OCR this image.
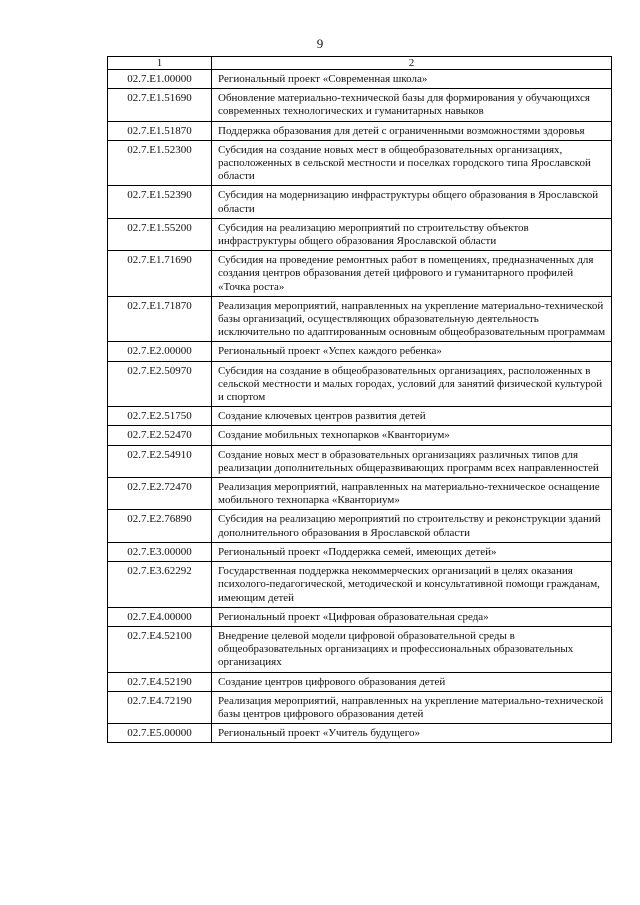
9
1	2
02.7.E1.00000	Региональный проект «Современная школа»
02.7.E1.51690	Обновление материально-технической базы для формирования у обучающихся современных технологических и гуманитарных навыков
02.7.E1.51870	Поддержка образования для детей с ограниченными возможностями здоровья
02.7.E1.52300	Субсидия на создание новых мест в общеобразовательных организациях, расположенных в сельской местности и поселках городского типа Ярославской области
02.7.E1.52390	Субсидия на модернизацию инфраструктуры общего образования в Ярославской области
02.7.E1.55200	Субсидия на реализацию мероприятий по строительству объектов инфраструктуры общего образования Ярославской области
02.7.E1.71690	Субсидия на проведение ремонтных работ в помещениях, предназначенных для создания центров образования детей цифрового и гуманитарного профилей «Точка роста»
02.7.E1.71870	Реализация мероприятий, направленных на укрепление материально-технической базы организаций, осуществляющих образовательную деятельность исключительно по адаптированным основным общеобразовательным программам
02.7.E2.00000	Региональный проект «Успех каждого ребенка»
02.7.E2.50970	Субсидия на создание в общеобразовательных организациях, расположенных в сельской местности и малых городах, условий для занятий физической культурой и спортом
02.7.E2.51750	Создание ключевых центров развития детей
02.7.E2.52470	Создание мобильных технопарков «Кванториум»
02.7.E2.54910	Создание новых мест в образовательных организациях различных типов для реализации дополнительных общеразвивающих программ всех направленностей
02.7.E2.72470	Реализация мероприятий, направленных на материально-техническое оснащение мобильного технопарка «Кванториум»
02.7.E2.76890	Субсидия на реализацию мероприятий по строительству и реконструкции зданий дополнительного образования в Ярославской области
02.7.E3.00000	Региональный проект «Поддержка семей, имеющих детей»
02.7.E3.62292	Государственная поддержка некоммерческих организаций в целях оказания психолого-педагогической, методической и консультативной помощи гражданам, имеющим детей
02.7.E4.00000	Региональный проект «Цифровая образовательная среда»
02.7.E4.52100	Внедрение целевой модели цифровой образовательной среды в общеобразовательных организациях и профессиональных образовательных организациях
02.7.E4.52190	Создание центров цифрового образования детей
02.7.E4.72190	Реализация мероприятий, направленных на укрепление материально-технической базы центров цифрового образования детей
02.7.E5.00000	Региональный проект «Учитель будущего»
